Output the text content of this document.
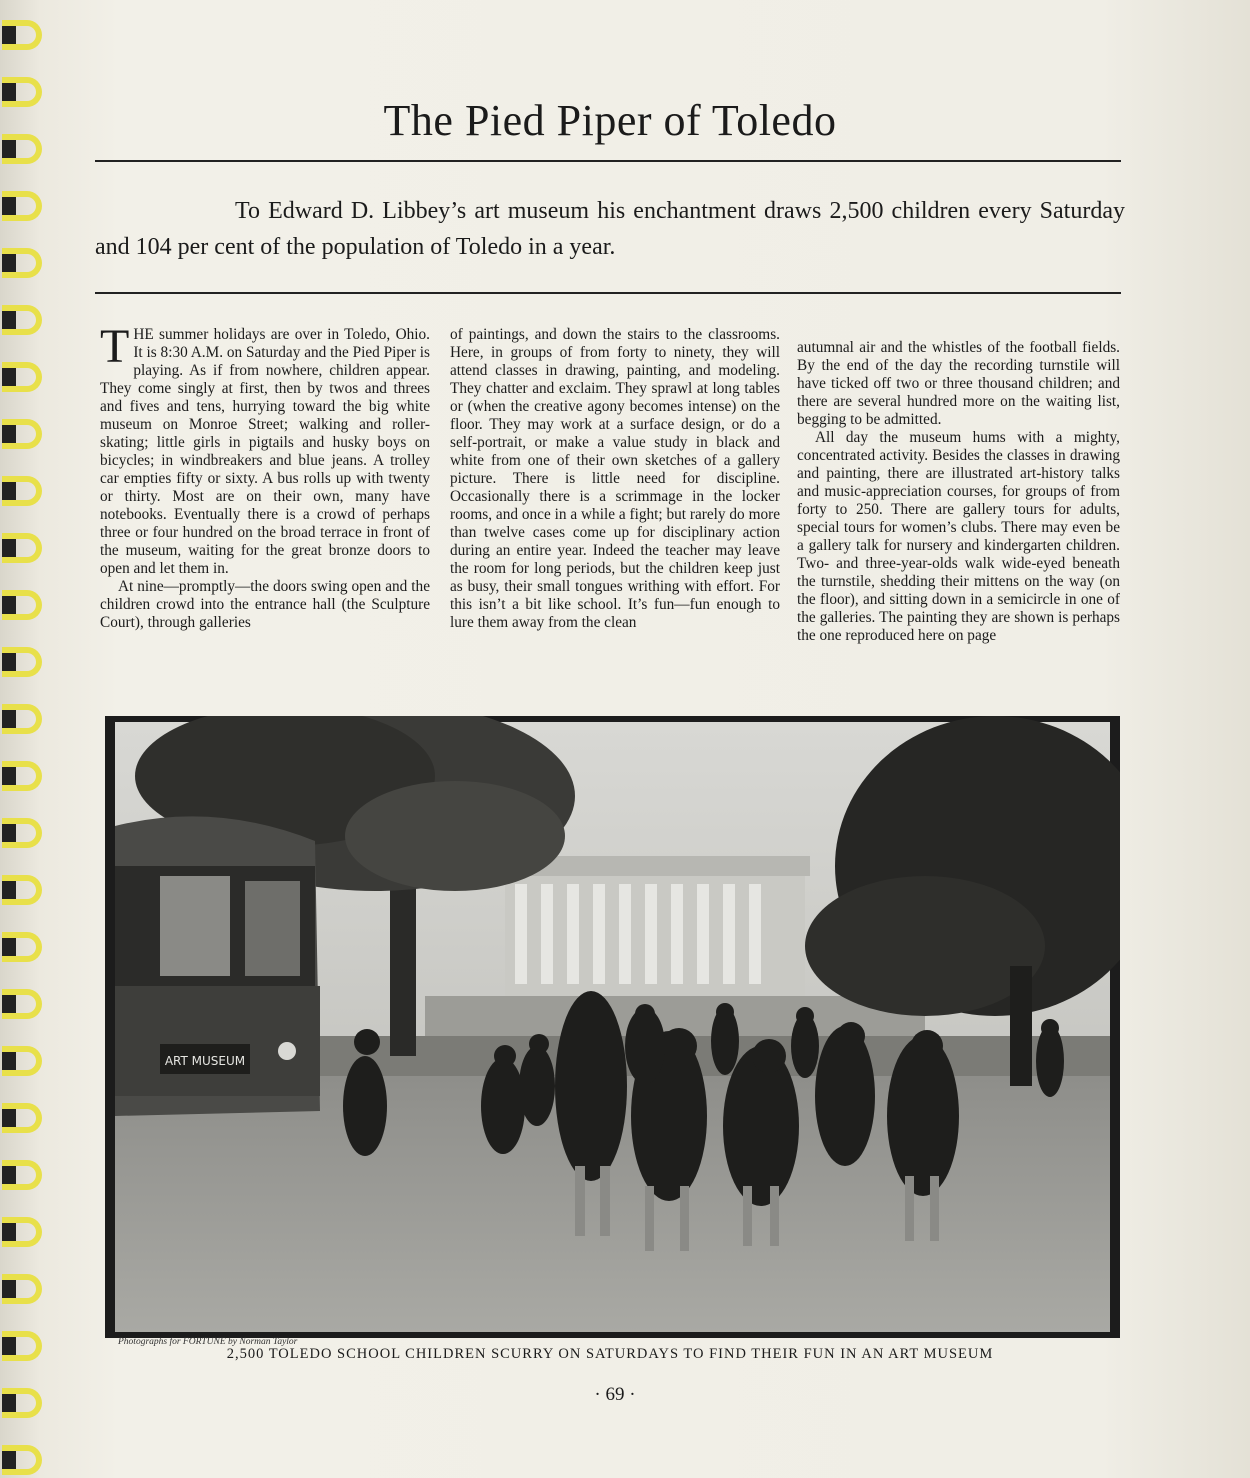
The Pied Piper of Toledo

To Edward D. Libbey’s art museum his enchantment draws 2,500 children every Saturday and 104 per cent of the population of Toledo in a year.

THE summer holidays are over in Toledo, Ohio. It is 8:30 A.M. on Saturday and the Pied Piper is playing. As if from nowhere, children appear. They come singly at first, then by twos and threes and fives and tens, hurrying toward the big white museum on Monroe Street; walking and roller-skating; little girls in pigtails and husky boys on bicycles; in windbreakers and blue jeans. A trolley car empties fifty or sixty. A bus rolls up with twenty or thirty. Most are on their own, many have notebooks. Eventually there is a crowd of perhaps three or four hundred on the broad terrace in front of the museum, waiting for the great bronze doors to open and let them in.

At nine—promptly—the doors swing open and the children crowd into the entrance hall (the Sculpture Court), through galleries

of paintings, and down the stairs to the classrooms. Here, in groups of from forty to ninety, they will attend classes in drawing, painting, and modeling. They chatter and exclaim. They sprawl at long tables or (when the creative agony becomes intense) on the floor. They may work at a surface design, or do a self-portrait, or make a value study in black and white from one of their own sketches of a gallery picture. There is little need for discipline. Occasionally there is a scrimmage in the locker rooms, and once in a while a fight; but rarely do more than twelve cases come up for disciplinary action during an entire year. Indeed the teacher may leave the room for long periods, but the children keep just as busy, their small tongues writhing with effort. For this isn’t a bit like school. It’s fun—fun enough to lure them away from the clean

autumnal air and the whistles of the football fields. By the end of the day the recording turnstile will have ticked off two or three thousand children; and there are several hundred more on the waiting list, begging to be admitted.

All day the museum hums with a mighty, concentrated activity. Besides the classes in drawing and painting, there are illustrated art-history talks and music-appreciation courses, for groups of from forty to 250. There are gallery tours for adults, special tours for women’s clubs. There may even be a gallery talk for nursery and kindergarten children. Two- and three-year-olds walk wide-eyed beneath the turnstile, shedding their mittens on the way (on the floor), and sitting down in a semicircle in one of the galleries. The painting they are shown is perhaps the one reproduced here on page

ART MUSEUM
Photographs for FORTUNE by Norman Taylor
2,500 TOLEDO SCHOOL CHILDREN SCURRY ON SATURDAYS TO FIND THEIR FUN IN AN ART MUSEUM
· 69 ·
